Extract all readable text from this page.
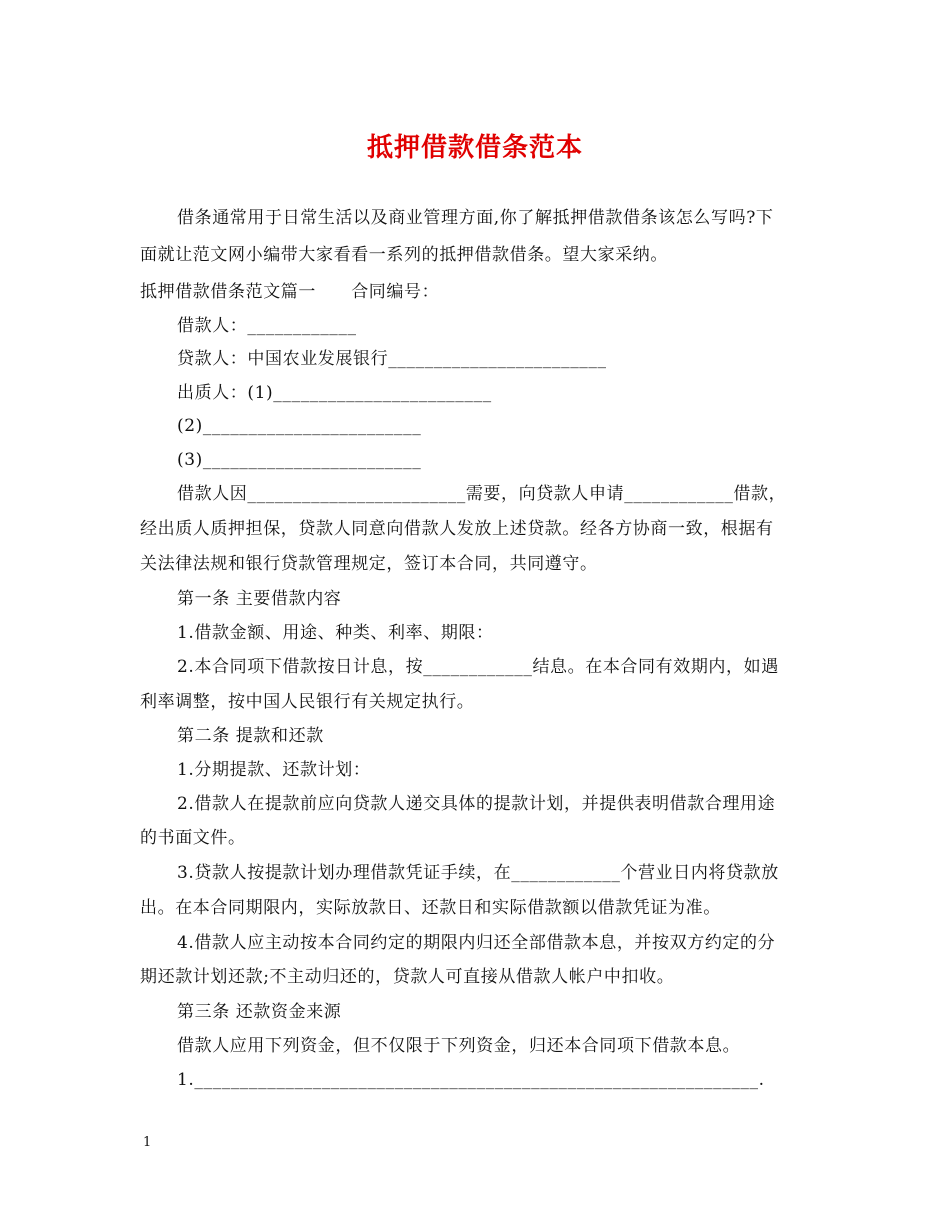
抵押借款借条范本
借条通常用于日常生活以及商业管理方面,你了解抵押借款借条该怎么写吗?下
面就让范文网小编带大家看看一系列的抵押借款借条。望大家采纳。
抵押借款借条范文篇一　　合同编号：
借款人：____________
贷款人：中国农业发展银行________________________
出质人：(1)________________________
(2)________________________
(3)________________________
借款人因________________________需要，向贷款人申请____________借款，
经出质人质押担保，贷款人同意向借款人发放上述贷款。经各方协商一致，根据有
关法律法规和银行贷款管理规定，签订本合同，共同遵守。
第一条 主要借款内容
1.借款金额、用途、种类、利率、期限：
2.本合同项下借款按日计息，按____________结息。在本合同有效期内，如遇
利率调整，按中国人民银行有关规定执行。
第二条 提款和还款
1.分期提款、还款计划：
2.借款人在提款前应向贷款人递交具体的提款计划，并提供表明借款合理用途
的书面文件。
3.贷款人按提款计划办理借款凭证手续，在____________个营业日内将贷款放
出。在本合同期限内，实际放款日、还款日和实际借款额以借款凭证为准。
4.借款人应主动按本合同约定的期限内归还全部借款本息，并按双方约定的分
期还款计划还款;不主动归还的，贷款人可直接从借款人帐户中扣收。
第三条 还款资金来源
借款人应用下列资金，但不仅限于下列资金，归还本合同项下借款本息。
1.______________________________________________________________.
1
